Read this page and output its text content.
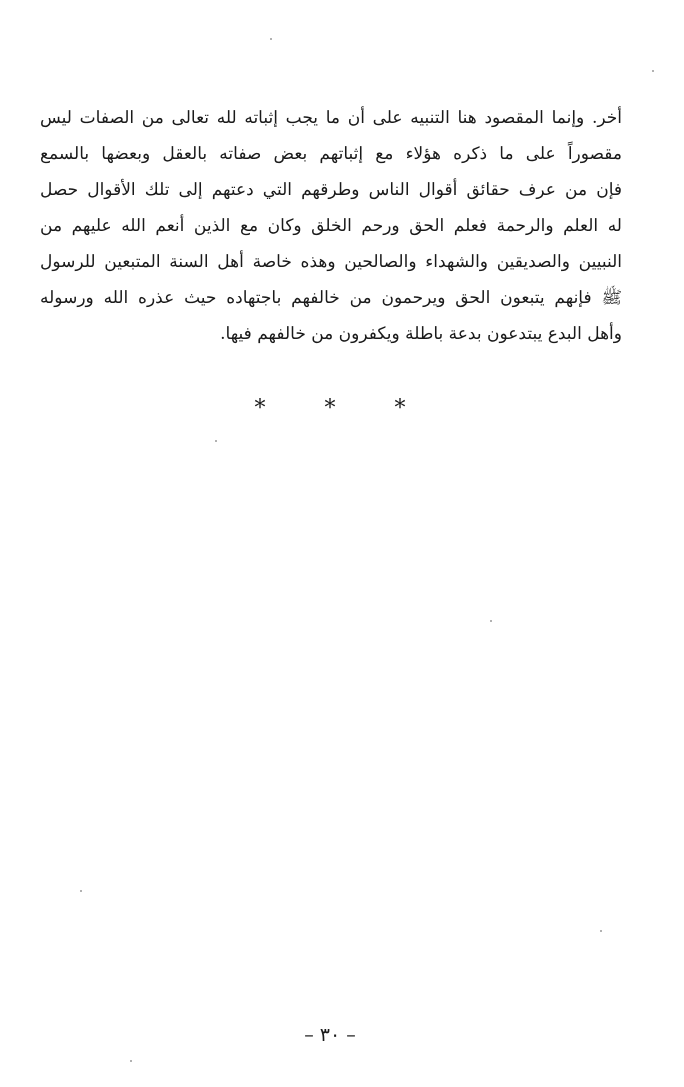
أخر. وإنما المقصود هنا التنبيه على أن ما يجب إثباته لله تعالى من الصفات ليس
مقصوراً على ما ذكره هؤلاء مع إثباتهم بعض صفاته بالعقل وبعضها بالسمع
فإن من عرف حقائق أقوال الناس وطرقهم التي دعتهم إلى تلك الأقوال حصل
له العلم والرحمة فعلم الحق ورحم الخلق وكان مع الذين أنعم الله عليهم من
النبيين والصديقين والشهداء والصالحين وهذه خاصة أهل السنة المتبعين للرسول
ﷺ فإنهم يتبعون الحق ويرحمون من خالفهم باجتهاده حيث عذره الله ورسوله
وأهل البدع يبتدعون بدعة باطلة ويكفرون من خالفهم فيها.
*	*	*
– ٣٠ –
